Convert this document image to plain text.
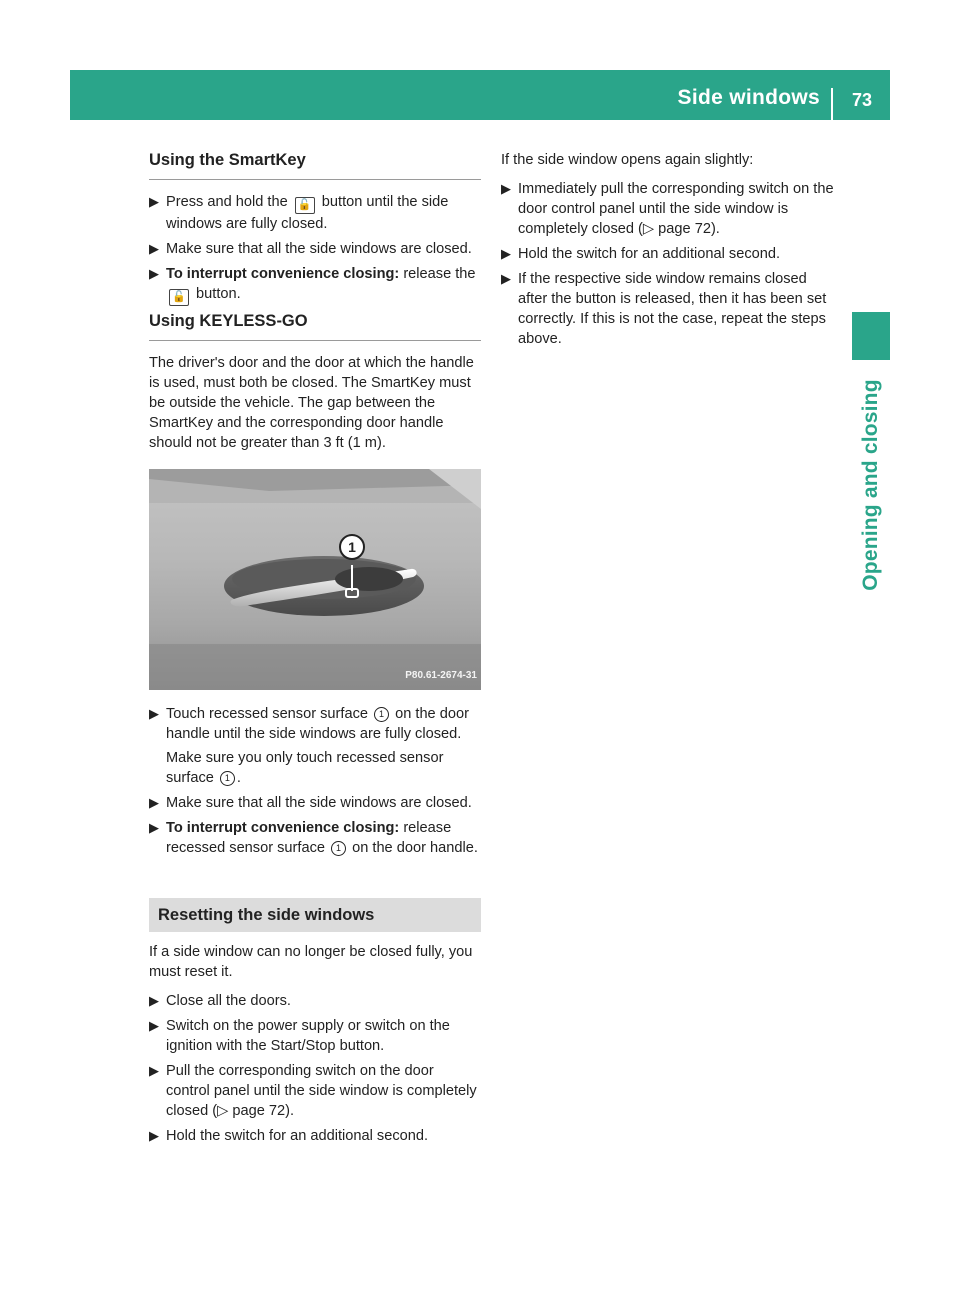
Side windows 73
Opening and closing
Using the SmartKey
▶ Press and hold the 🔓 button until the side windows are fully closed.
▶ Make sure that all the side windows are closed.
▶ To interrupt convenience closing: release the 🔓 button.
Using KEYLESS-GO

The driver's door and the door at which the handle is used, must both be closed. The SmartKey must be outside the vehicle. The gap between the SmartKey and the corresponding door handle should not be greater than 3 ft (1 m).

1
P80.61-2674-31
▶ Touch recessed sensor surface 1 on the door handle until the side windows are fully closed.
Make sure you only touch recessed sensor surface 1 .
▶ Make sure that all the side windows are closed.
▶ To interrupt convenience closing: release recessed sensor surface 1 on the door handle.
Resetting the side windows

If a side window can no longer be closed fully, you must reset it.

▶ Close all the doors.
▶ Switch on the power supply or switch on the ignition with the Start/Stop button.
▶ Pull the corresponding switch on the door control panel until the side window is completely closed (▷ page 72).
▶ Hold the switch for an additional second.

If the side window opens again slightly:

▶ Immediately pull the corresponding switch on the door control panel until the side window is completely closed (▷ page 72).
▶ Hold the switch for an additional second.
▶ If the respective side window remains closed after the button is released, then it has been set correctly. If this is not the case, repeat the steps above.
